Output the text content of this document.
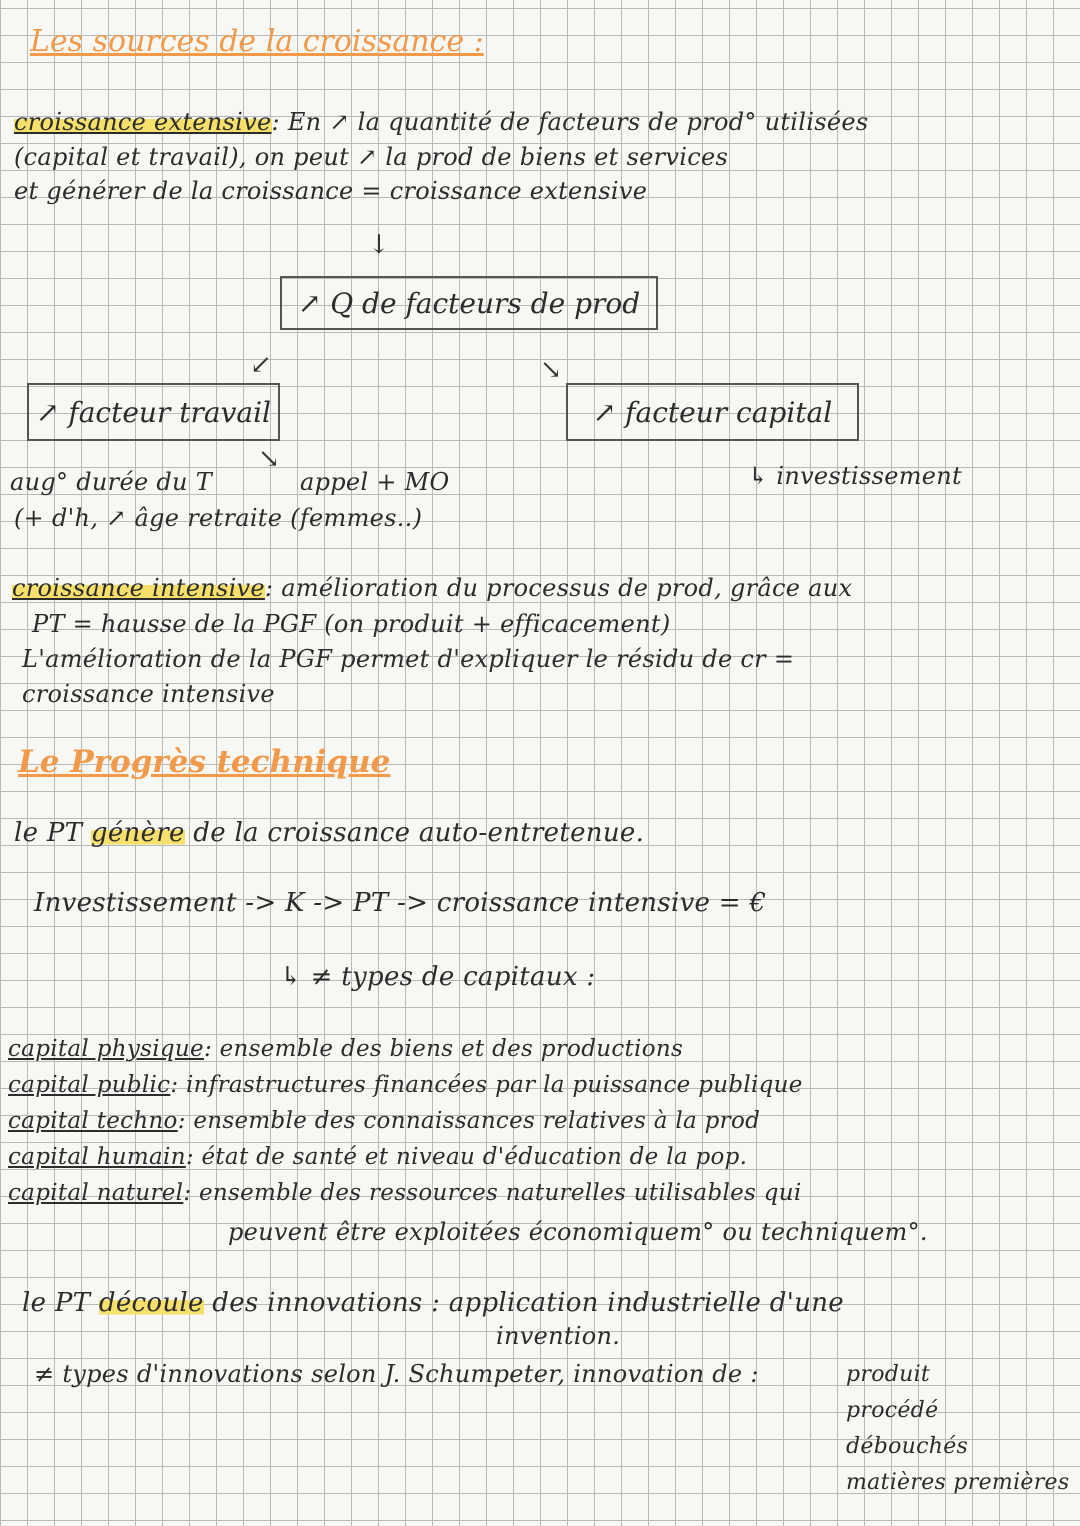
Les sources de la croissance :
croissance extensive: En ↗ la quantité de facteurs de prod° utilisées
(capital et travail), on peut ↗ la prod de biens et services
et générer de la croissance = croissance extensive
↓
↗ Q de facteurs de prod
↙	↘
↗ facteur travail	↗ facteur capital
aug° durée du T
↘
appel + MO
(+ d'h, ↗ âge retraite (femmes..)
↳ investissement
croissance intensive: amélioration du processus de prod, grâce aux
PT = hausse de la PGF (on produit + efficacement)
L'amélioration de la PGF permet d'expliquer le résidu de cr =
croissance intensive
Le Progrès technique
le PT génère de la croissance auto-entretenue.
Investissement -> K -> PT -> croissance intensive = €
↳ ≠ types de capitaux :
capital physique: ensemble des biens et des productions
capital public: infrastructures financées par la puissance publique
capital techno: ensemble des connaissances relatives à la prod
capital humain: état de santé et niveau d'éducation de la pop.
capital naturel: ensemble des ressources naturelles utilisables qui
peuvent être exploitées économiquem° ou techniquem°.
le PT découle des innovations : application industrielle d'une
invention.
≠ types d'innovations selon J. Schumpeter, innovation de :	produit
procédé
débouchés
matières premières
